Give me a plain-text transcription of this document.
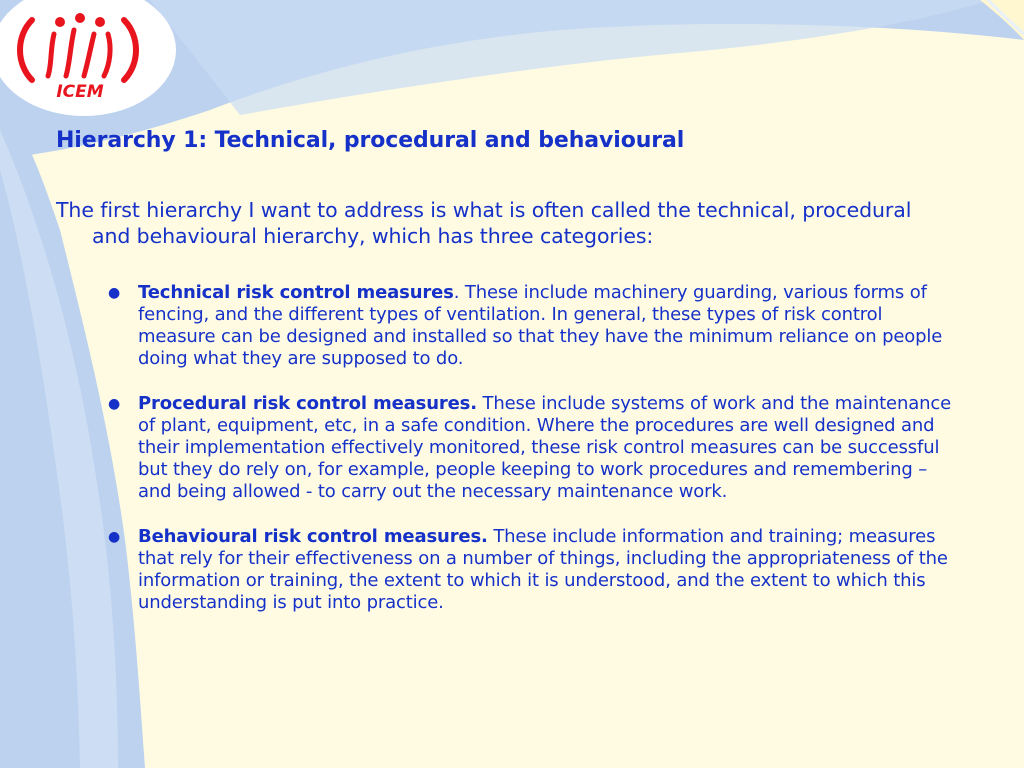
ICEM
Hierarchy 1: Technical, procedural and behavioural

The first hierarchy I want to address is what is often called the technical, procedural and behavioural hierarchy, which has three categories:

● Technical risk control measures. These include machinery guarding, various forms of fencing, and the different types of ventilation. In general, these types of risk control measure can be designed and installed so that they have the minimum reliance on people doing what they are supposed to do.
● Procedural risk control measures. These include systems of work and the maintenance of plant, equipment, etc, in a safe condition. Where the procedures are well designed and their implementation effectively monitored, these risk control measures can be successful but they do rely on, for example, people keeping to work procedures and remembering – and being allowed - to carry out the necessary maintenance work.
● Behavioural risk control measures. These include information and training; measures that rely for their effectiveness on a number of things, including the appropriateness of the information or training, the extent to which it is understood, and the extent to which this understanding is put into practice.
